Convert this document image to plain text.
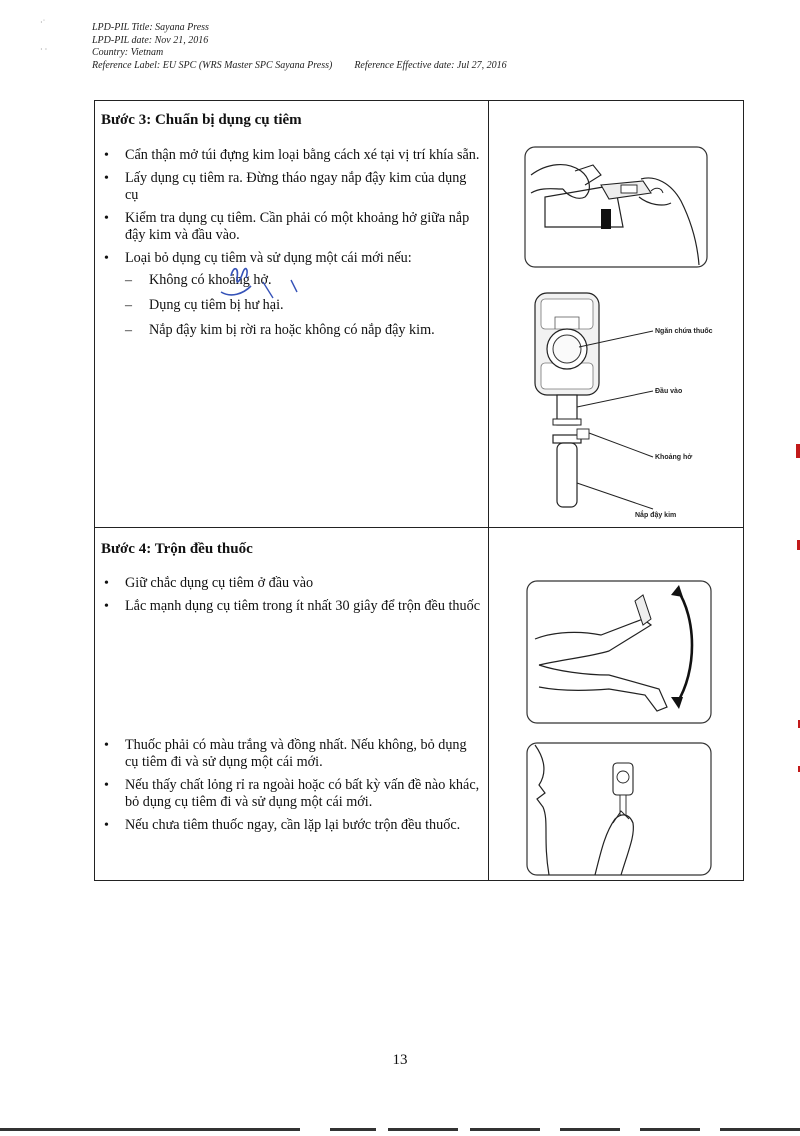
·˙

· ·
LPD-PIL Title: Sayana Press
LPD-PIL date: Nov 21, 2016
Country: Vietnam
Reference Label: EU SPC (WRS Master SPC Sayana Press) Reference Effective date: Jul 27, 2016
Bước 3: Chuẩn bị dụng cụ tiêm
• Cẩn thận mở túi đựng kim loại bằng cách xé tại vị trí khía sẵn.
• Lấy dụng cụ tiêm ra. Đừng tháo ngay nắp đậy kim của dụng cụ
• Kiểm tra dụng cụ tiêm. Cần phải có một khoảng hở giữa nắp đậy kim và đầu vào.
• Loại bỏ dụng cụ tiêm và sử dụng một cái mới nếu:
– Không có khoảng hở.
– Dụng cụ tiêm bị hư hại.
– Nắp đậy kim bị rời ra hoặc không có nắp đậy kim.	Ngăn chứa thuốc
Đầu vào
Khoảng hở
Nắp đậy kim
Bước 4: Trộn đều thuốc
• Giữ chắc dụng cụ tiêm ở đầu vào
• Lắc mạnh dụng cụ tiêm trong ít nhất 30 giây để trộn đều thuốc
• Thuốc phải có màu trắng và đồng nhất. Nếu không, bỏ dụng cụ tiêm đi và sử dụng một cái mới.
• Nếu thấy chất lỏng rỉ ra ngoài hoặc có bất kỳ vấn đề nào khác, bỏ dụng cụ tiêm đi và sử dụng một cái mới.
• Nếu chưa tiêm thuốc ngay, cần lặp lại bước trộn đều thuốc.
13
